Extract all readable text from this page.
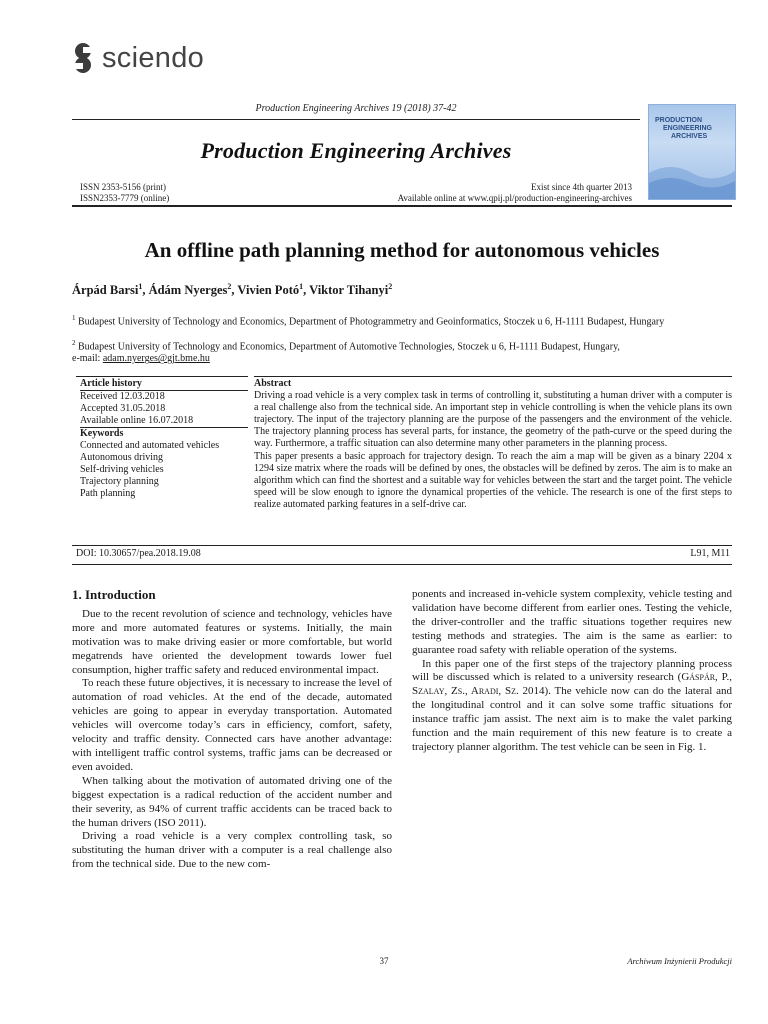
sciendo
Production Engineering Archives 19 (2018) 37-42
Production Engineering Archives
ISSN 2353-5156 (print)
ISSN2353-7779 (online)
Exist since 4th quarter 2013
Available online at www.qpij.pl/production-engineering-archives
PRODUCTION
ENGINEERING
ARCHIVES
An offline path planning method for autonomous vehicles
Árpád Barsi$^1$, Ádám Nyerges$^2$, Vivien Potó$^1$, Viktor Tihanyi$^2$
$^1$ Budapest University of Technology and Economics, Department of Photogrammetry and Geoinformatics, Stoczek u 6, H-1111 Budapest, Hungary
$^2$ Budapest University of Technology and Economics, Department of Automotive Technologies, Stoczek u 6, H-1111 Budapest, Hungary,
e-mail: adam.nyerges@gjt.bme.hu
Article history
Received 12.03.2018
Accepted 31.05.2018
Available online 16.07.2018
Keywords
Connected and automated vehicles
Autonomous driving
Self-driving vehicles
Trajectory planning
Path planning
Abstract
Driving a road vehicle is a very complex task in terms of controlling it, substituting a human driver with a computer is a real challenge also from the technical side. An important step in vehicle controlling is when the vehicle plans its own trajectory. The input of the trajectory planning are the purpose of the passengers and the environment of the vehicle. The trajectory planning process has several parts, for instance, the geometry of the path-curve or the speed during the way. Furthermore, a traffic situation can also determine many other parameters in the planning process.
This paper presents a basic approach for trajectory design. To reach the aim a map will be given as a binary 2204 x 1294 size matrix where the roads will be defined by ones, the obstacles will be defined by zeros. The aim is to make an algorithm which can find the shortest and a suitable way for vehicles between the start and the target point. The vehicle speed will be slow enough to ignore the dynamical properties of the vehicle. The research is one of the first steps to realize automated parking features in a self-drive car.
DOI: 10.30657/pea.2018.19.08	L91, M11

1. Introduction

Due to the recent revolution of science and technology, vehicles have more and more automated features or systems. Initially, the main motivation was to make driving easier or more comfortable, but world megatrends have oriented the development towards lower fuel consumption, higher traffic safety and reduced environmental impact.

To reach these future objectives, it is necessary to increase the level of automation of road vehicles. At the end of the decade, automated vehicles are going to appear in everyday transportation. Automated vehicles will overcome today’s cars in efficiency, comfort, safety, velocity and traffic density. Connected cars have another advantage: with intelligent traffic control systems, traffic jams can be decreased or even avoided.

When talking about the motivation of automated driving one of the biggest expectation is a radical reduction of the accident number and their severity, as 94% of current traffic accidents can be traced back to the human drivers (ISO 2011).

Driving a road vehicle is a very complex controlling task, so substituting the human driver with a computer is a real challenge also from the technical side. Due to the new com-

ponents and increased in-vehicle system complexity, vehicle testing and validation have become different from earlier ones. Testing the vehicle, the driver-controller and the traffic situations together requires new testing methods and strategies. The aim is the same as earlier: to guarantee road safety with reliable operation of the systems.

In this paper one of the first steps of the trajectory planning process will be discussed which is related to a university research (Gáspár, P., Szalay, Zs., Aradi, Sz. 2014). The vehicle now can do the lateral and the longitudinal control and it can solve some traffic situations for instance traffic jam assist. The next aim is to make the valet parking function and the main requirement of this new feature is to create a trajectory planner algorithm. The test vehicle can be seen in Fig. 1.

37	Archiwum Inżynierii Produkcji
